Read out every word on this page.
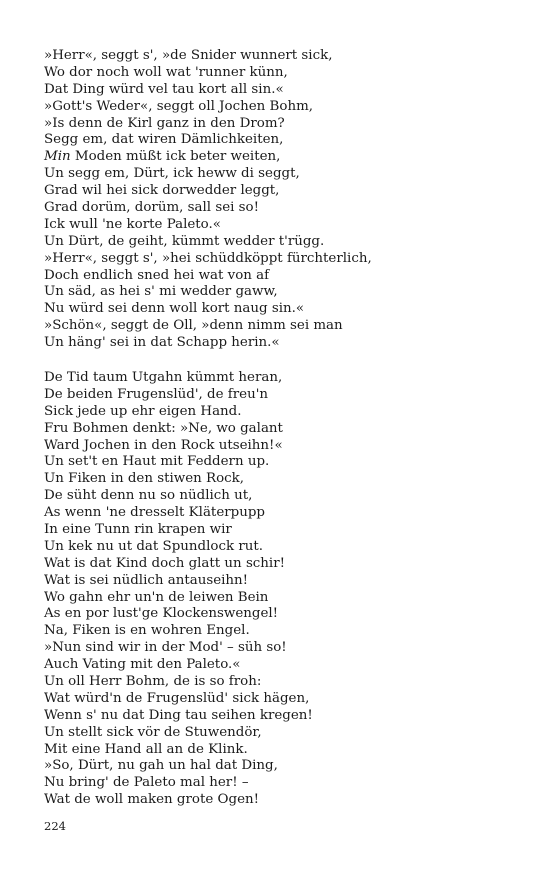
»Herr«, seggt s', »de Snider wunnert sick,
Wo dor noch woll wat 'runner künn,
Dat Ding würd vel tau kort all sin.«
»Gott's Weder«, seggt oll Jochen Bohm,
»Is denn de Kirl ganz in den Drom?
Segg em, dat wiren Dämlichkeiten,
Min Moden müßt ick beter weiten,
Un segg em, Dürt, ick heww di seggt,
Grad wil hei sick dorwedder leggt,
Grad dorüm, dorüm, sall sei so!
Ick wull 'ne korte Paleto.«
Un Dürt, de geiht, kümmt wedder t'rügg.
»Herr«, seggt s', »hei schüddköppt fürchterlich,
Doch endlich sned hei wat von af
Un säd, as hei s' mi wedder gaww,
Nu würd sei denn woll kort naug sin.«
»Schön«, seggt de Oll, »denn nimm sei man
Un häng' sei in dat Schapp herin.«
De Tid taum Utgahn kümmt heran,
De beiden Frugenslüd', de freu'n
Sick jede up ehr eigen Hand.
Fru Bohmen denkt: »Ne, wo galant
Ward Jochen in den Rock utseihn!«
Un set't en Haut mit Feddern up.
Un Fiken in den stiwen Rock,
De süht denn nu so nüdlich ut,
As wenn 'ne dresselt Kläterpupp
In eine Tunn rin krapen wir
Un kek nu ut dat Spundlock rut.
Wat is dat Kind doch glatt un schir!
Wat is sei nüdlich antauseihn!
Wo gahn ehr un'n de leiwen Bein
As en por lust'ge Klockenswengel!
Na, Fiken is en wohren Engel.
»Nun sind wir in der Mod' – süh so!
Auch Vating mit den Paleto.«
Un oll Herr Bohm, de is so froh:
Wat würd'n de Frugenslüd' sick hägen,
Wenn s' nu dat Ding tau seihen kregen!
Un stellt sick vör de Stuwendör,
Mit eine Hand all an de Klink.
»So, Dürt, nu gah un hal dat Ding,
Nu bring' de Paleto mal her! –
Wat de woll maken grote Ogen!
224
